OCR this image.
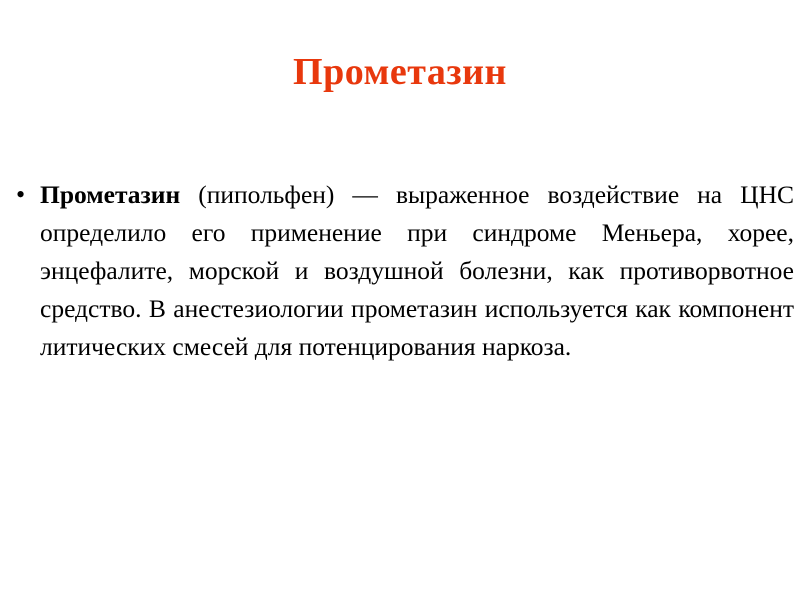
Прометазин
• Прометазин (пипольфен) — выраженное воздействие на ЦНС определило его применение при синдроме Меньера, хорее, энцефалите, морской и воздушной болезни, как противорвотное средство. В анестезиологии прометазин используется как компонент литических смесей для потенцирования наркоза.
